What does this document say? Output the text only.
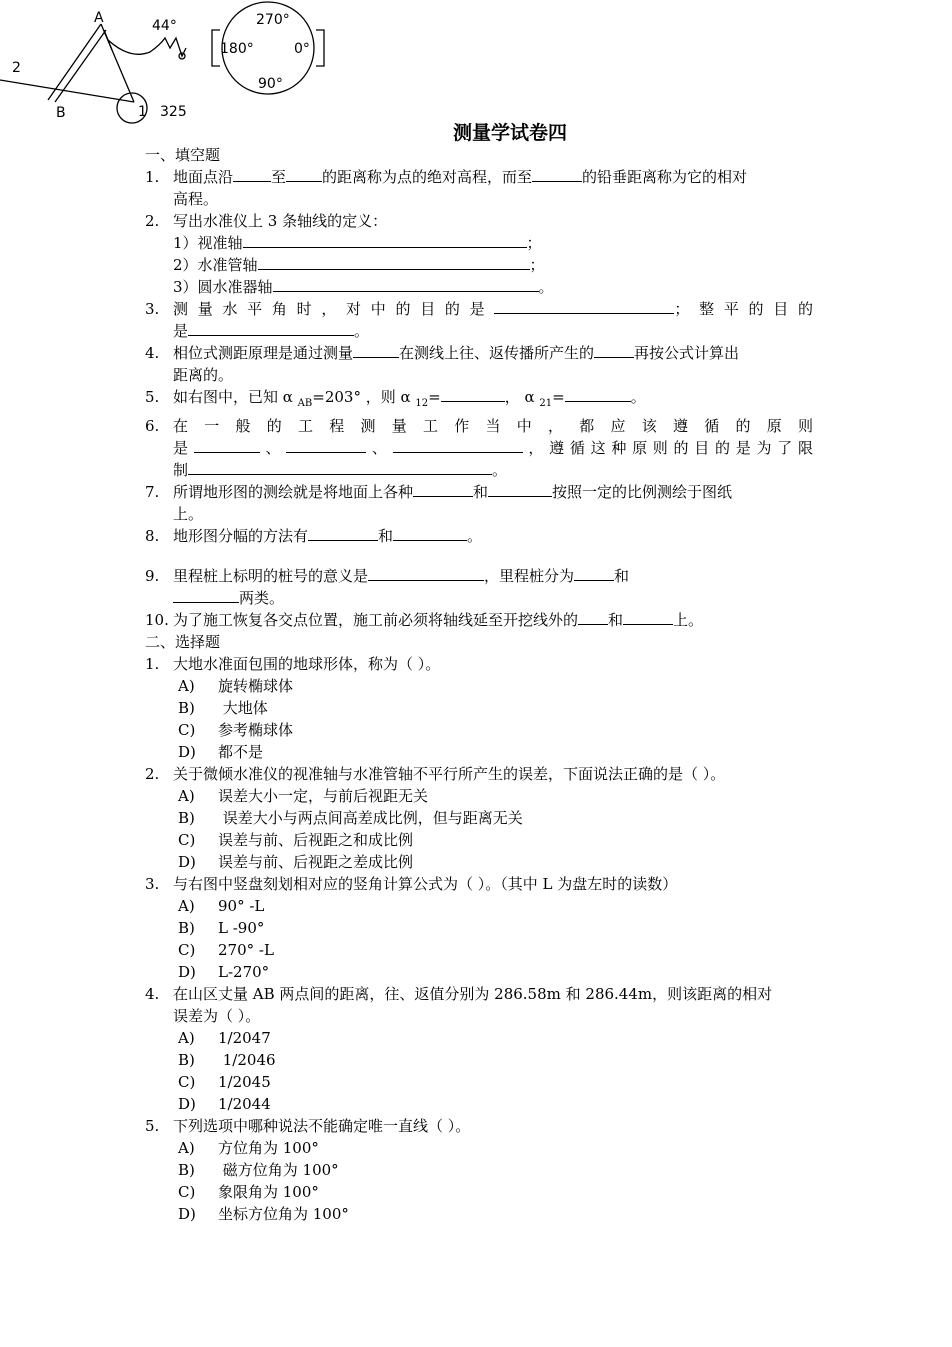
A
B
2
1 325
44°	270°
180°	0°
90°
测量学试卷四
一、填空题
1. 地面点沿	至 的距离称为点的绝对高程，而至	的铅垂距离称为它的相对
高程。
2. 写出水准仪上 3 条轴线的定义：
1）视准轴	；
2）水准管轴	；
3）圆水准器轴	。
3. 测量水平角时，对中的目的是	；整平的目的
是	。
4. 相位式测距原理是通过测量	在测线上往、返传播所产生的	再按公式计算出
距离的。
5. 如右图中，已知 α $_{AB}$=203° ，则 α $_{12}$=	， α $_{21}$=	。
6. 在一般的工程测量工作当中，都应该遵循的原则
是	、	、	，遵循这种原则的目的是为了限
制	。
7. 所谓地形图的测绘就是将地面上各种	和	按照一定的比例测绘于图纸
上。
8. 地形图分幅的方法有	和	。
9. 里程桩上标明的桩号的意义是	，里程桩分为	和
两类。
10. 为了施工恢复各交点位置，施工前必须将轴线延至开挖线外的 和	上。
二、选择题
1. 大地水准面包围的地球形体，称为（ ）。
A) 旋转椭球体
B) 大地体
C) 参考椭球体
D) 都不是
2. 关于微倾水准仪的视准轴与水准管轴不平行所产生的误差，下面说法正确的是（ ）。
A) 误差大小一定，与前后视距无关
B) 误差大小与两点间高差成比例，但与距离无关
C) 误差与前、后视距之和成比例
D) 误差与前、后视距之差成比例
3. 与右图中竖盘刻划相对应的竖角计算公式为（ ）。（其中 L 为盘左时的读数）
A) 90° -L
B) L -90°
C) 270° -L
D) L-270°
4. 在山区丈量 AB 两点间的距离，往、返值分别为 286.58m 和 286.44m，则该距离的相对
误差为（ ）。
A) 1/2047
B) 1/2046
C) 1/2045
D) 1/2044
5. 下列选项中哪种说法不能确定唯一直线（ ）。
A) 方位角为 100°
B) 磁方位角为 100°
C) 象限角为 100°
D) 坐标方位角为 100°
